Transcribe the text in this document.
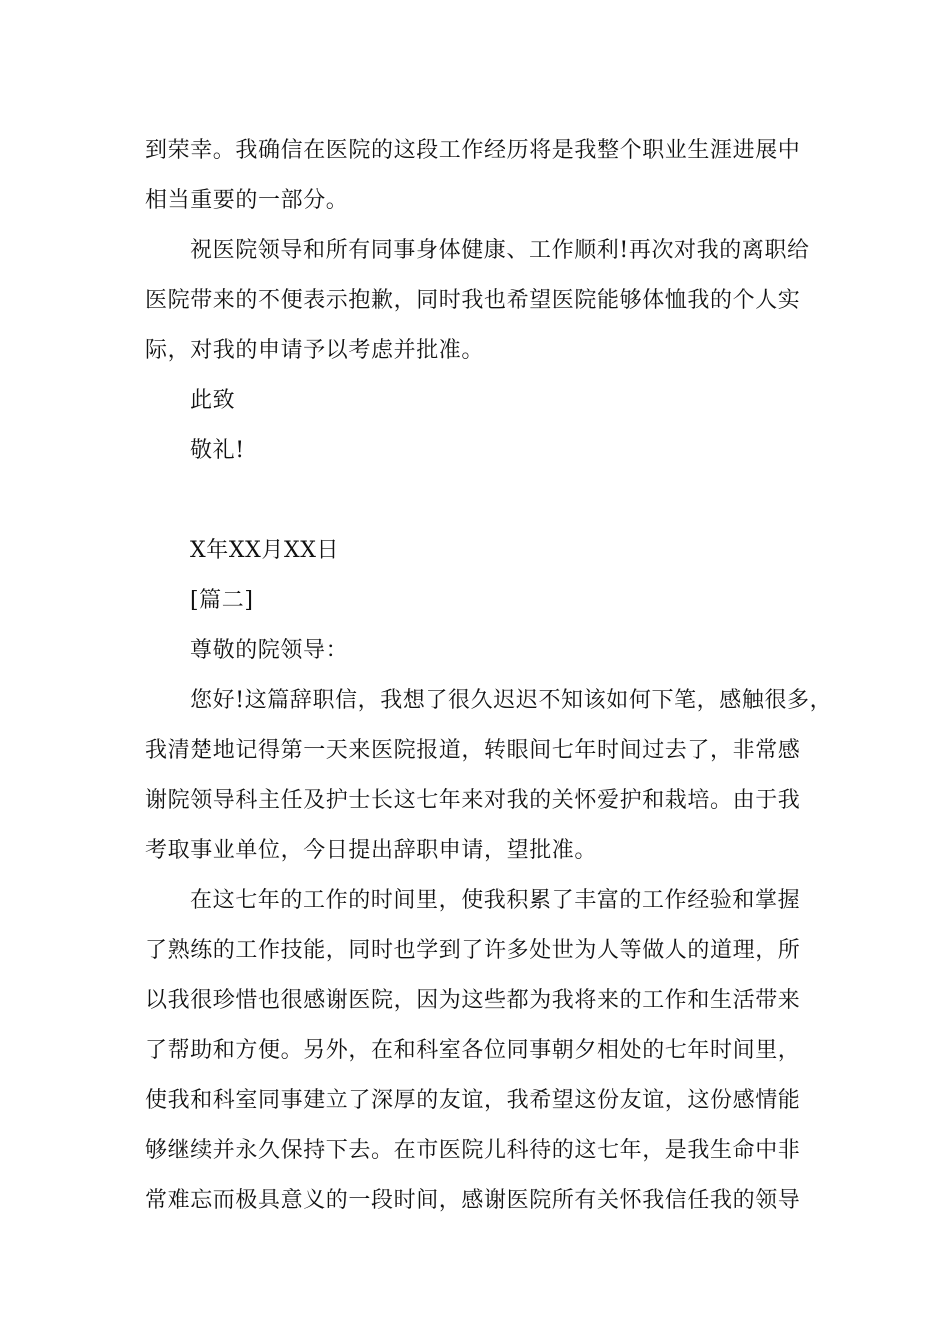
到荣幸。我确信在医院的这段工作经历将是我整个职业生涯进展中
相当重要的一部分。
祝医院领导和所有同事身体健康、工作顺利!再次对我的离职给
医院带来的不便表示抱歉，同时我也希望医院能够体恤我的个人实
际，对我的申请予以考虑并批准。
此致
敬礼!
X年XX月XX日
[篇二]
尊敬的院领导：
您好!这篇辞职信，我想了很久迟迟不知该如何下笔，感触很多，
我清楚地记得第一天来医院报道，转眼间七年时间过去了，非常感
谢院领导科主任及护士长这七年来对我的关怀爱护和栽培。由于我
考取事业单位，今日提出辞职申请，望批准。
在这七年的工作的时间里，使我积累了丰富的工作经验和掌握
了熟练的工作技能，同时也学到了许多处世为人等做人的道理，所
以我很珍惜也很感谢医院，因为这些都为我将来的工作和生活带来
了帮助和方便。另外，在和科室各位同事朝夕相处的七年时间里，
使我和科室同事建立了深厚的友谊，我希望这份友谊，这份感情能
够继续并永久保持下去。在市医院儿科待的这七年，是我生命中非
常难忘而极具意义的一段时间，感谢医院所有关怀我信任我的领导
